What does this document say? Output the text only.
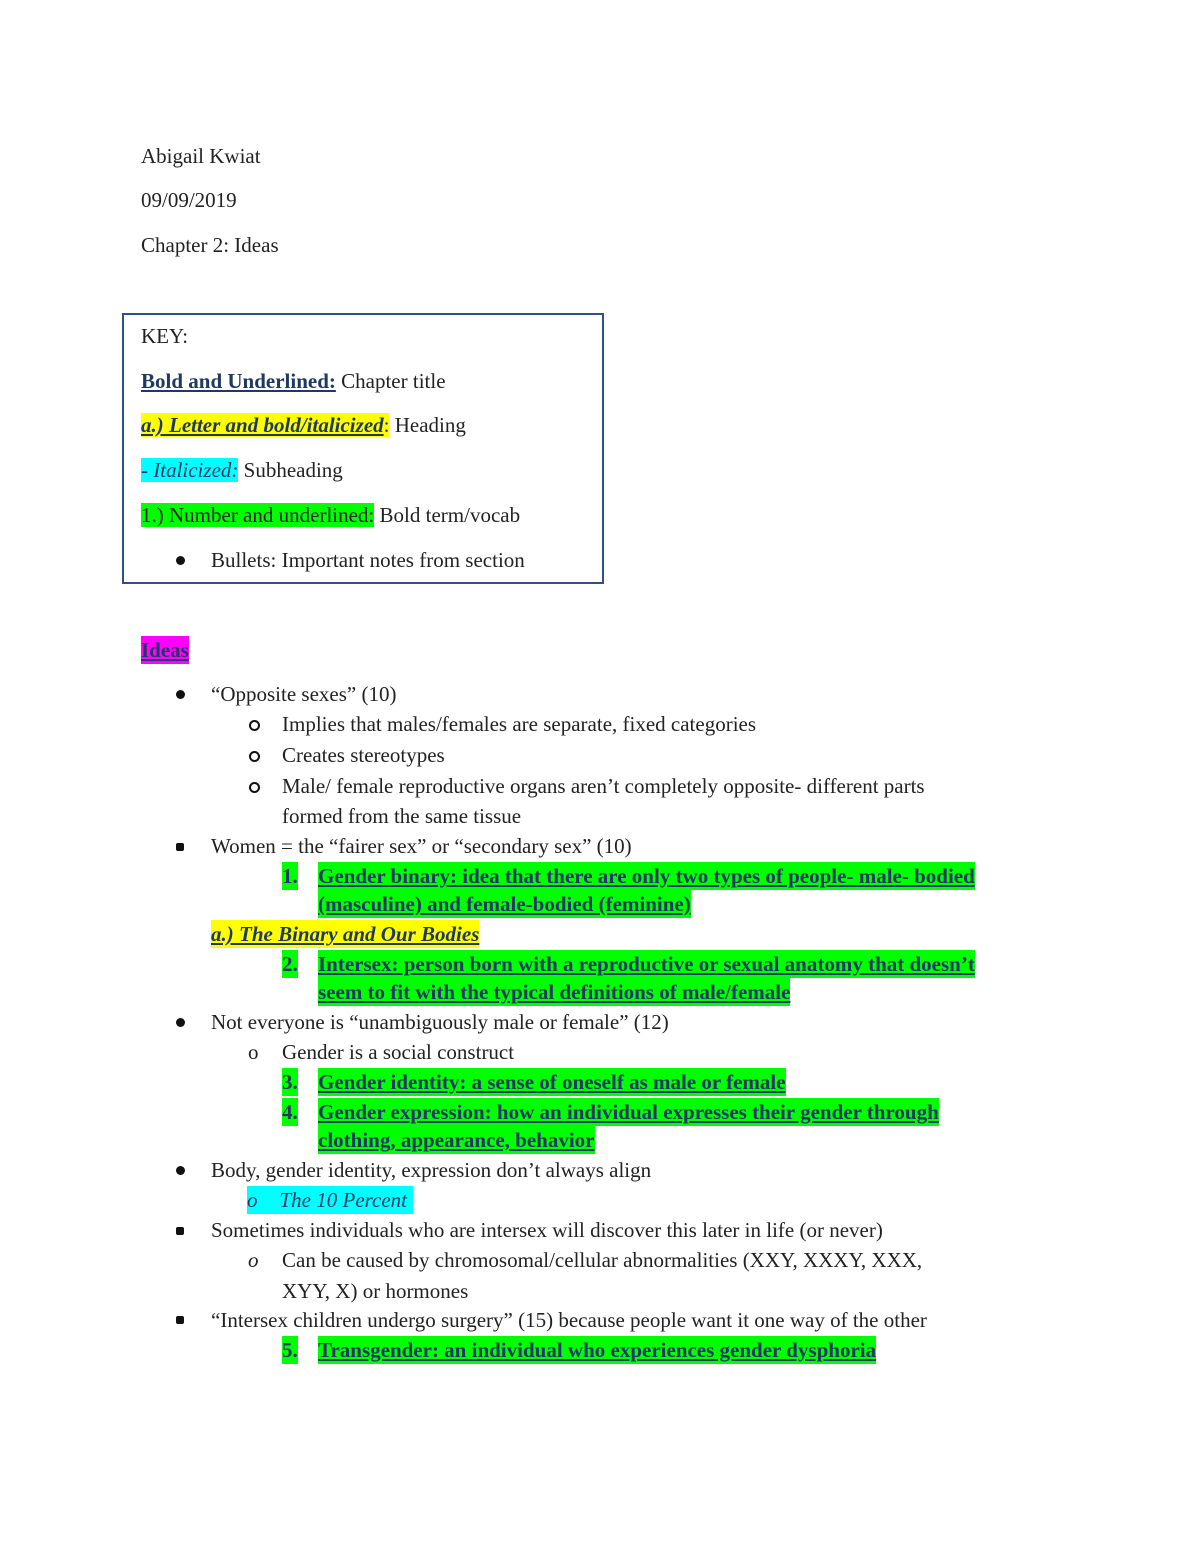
Abigail Kwiat
09/09/2019
Chapter 2: Ideas
KEY:
Bold and Underlined: Chapter title
a.) Letter and bold/italicized: Heading
- Italicized: Subheading
1.) Number and underlined: Bold term/vocab
Bullets: Important notes from section
Ideas
“Opposite sexes” (10)
Implies that males/females are separate, fixed categories
Creates stereotypes
Male/ female reproductive organs aren’t completely opposite- different parts
formed from the same tissue
Women = the “fairer sex” or “secondary sex” (10)
1. Gender binary: idea that there are only two types of people- male- bodied
(masculine) and female-bodied (feminine)
a.) The Binary and Our Bodies
2. Intersex: person born with a reproductive or sexual anatomy that doesn’t
seem to fit with the typical definitions of male/female
Not everyone is “unambiguously male or female” (12)
o Gender is a social construct
3. Gender identity: a sense of oneself as male or female
4. Gender expression: how an individual expresses their gender through
clothing, appearance, behavior
Body, gender identity, expression don’t always align
o The 10 Percent
Sometimes individuals who are intersex will discover this later in life (or never)
o Can be caused by chromosomal/cellular abnormalities (XXY, XXXY, XXX,
XYY, X) or hormones
“Intersex children undergo surgery” (15) because people want it one way of the other
5. Transgender: an individual who experiences gender dysphoria
